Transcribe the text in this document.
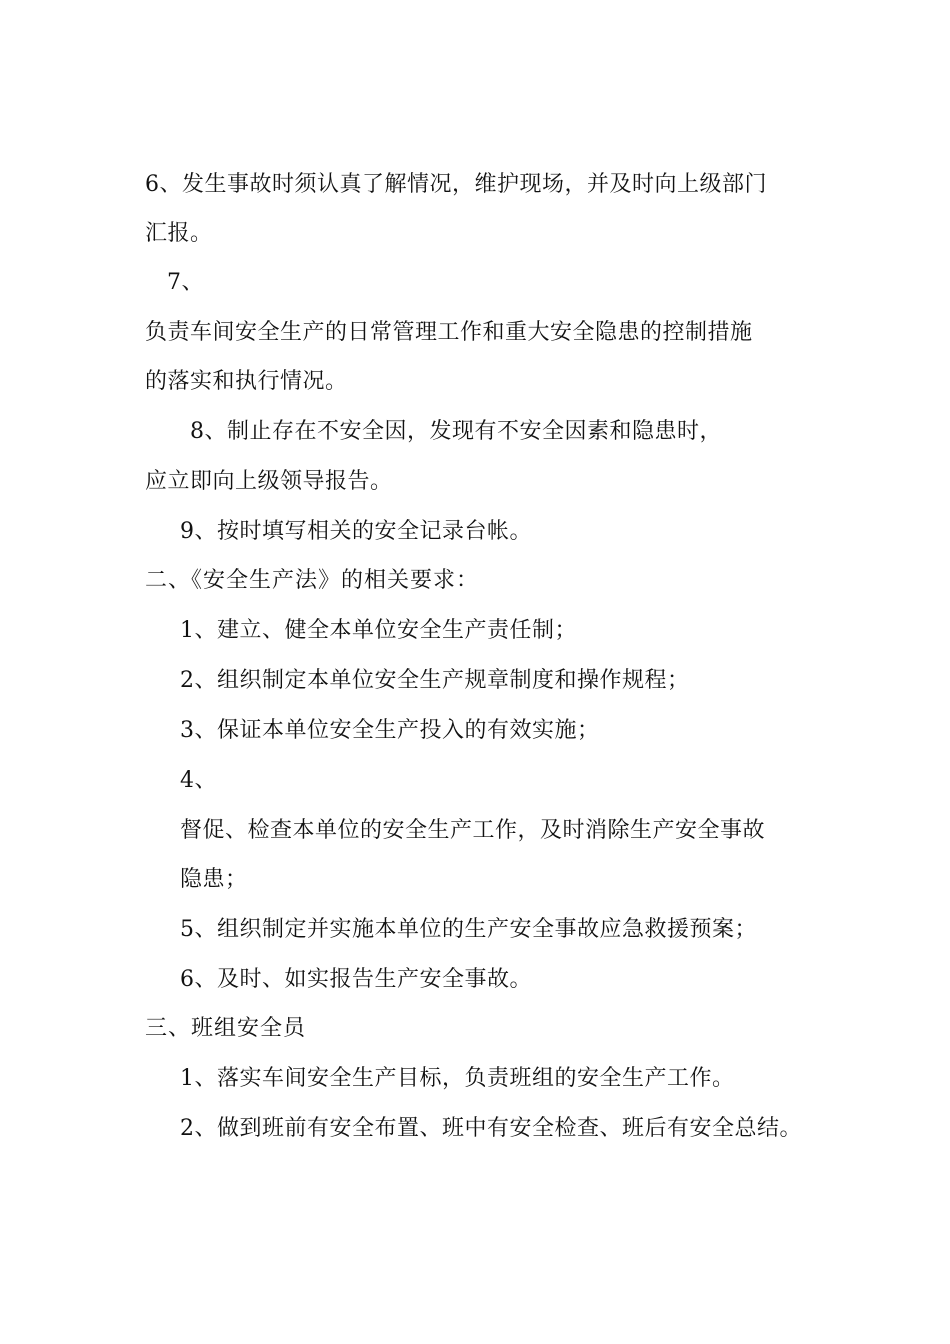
6、发生事故时须认真了解情况，维护现场，并及时向上级部门

汇报。

7、

负责车间安全生产的日常管理工作和重大安全隐患的控制措施

的落实和执行情况。

8、制止存在不安全因，发现有不安全因素和隐患时，

应立即向上级领导报告。

9、按时填写相关的安全记录台帐。

二、《安全生产法》的相关要求：

1、建立、健全本单位安全生产责任制；

2、组织制定本单位安全生产规章制度和操作规程；

3、保证本单位安全生产投入的有效实施；

4、

督促、检查本单位的安全生产工作，及时消除生产安全事故

隐患；

5、组织制定并实施本单位的生产安全事故应急救援预案；

6、及时、如实报告生产安全事故。

三、班组安全员

1、落实车间安全生产目标，负责班组的安全生产工作。

2、做到班前有安全布置、班中有安全检查、班后有安全总结。
